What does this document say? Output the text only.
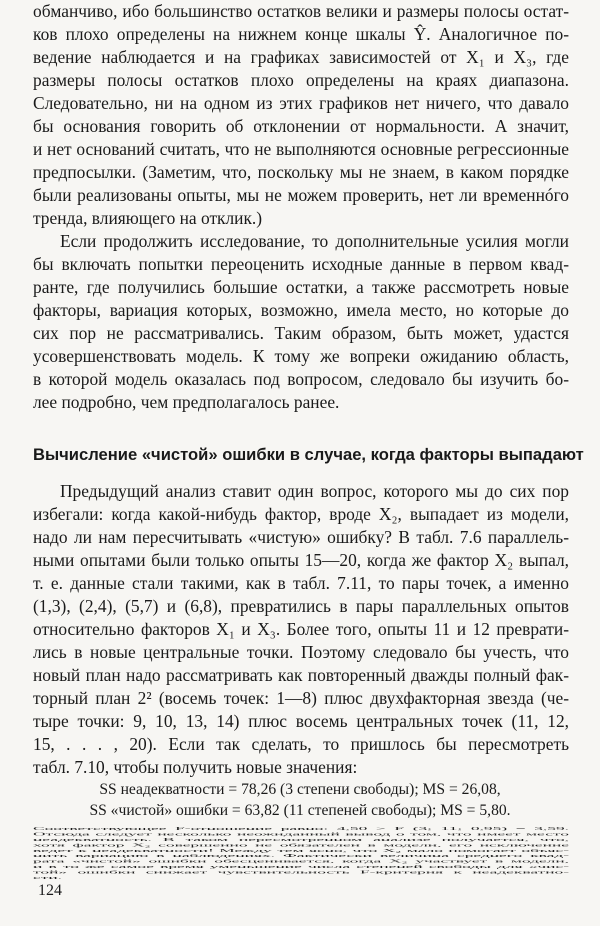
обманчиво, ибо большинство остатков велики и размеры полосы остат-
ков плохо определены на нижнем конце шкалы Ŷ. Аналогичное по-
ведение наблюдается и на графиках зависимостей от X₁ и X₃, где
размеры полосы остатков плохо определены на краях диапазона.
Следовательно, ни на одном из этих графиков нет ничего, что давало
бы основания говорить об отклонении от нормальности. А значит,
и нет оснований считать, что не выполняются основные регрессионные
предпосылки. (Заметим, что, поскольку мы не знаем, в каком порядке
были реализованы опыты, мы не можем проверить, нет ли временнóго
тренда, влияющего на отклик.)
Если продолжить исследование, то дополнительные усилия могли
бы включать попытки переоценить исходные данные в первом квад-
ранте, где получились большие остатки, а также рассмотреть новые
факторы, вариация которых, возможно, имела место, но которые до
сих пор не рассматривались. Таким образом, быть может, удастся
усовершенствовать модель. К тому же вопреки ожиданию область,
в которой модель оказалась под вопросом, следовало бы изучить бо-
лее подробно, чем предполагалось ранее.
Вычисление «чистой» ошибки в случае, когда факторы выпадают
Предыдущий анализ ставит один вопрос, которого мы до сих пор
избегали: когда какой-нибудь фактор, вроде X₂, выпадает из модели,
надо ли нам пересчитывать «чистую» ошибку? В табл. 7.6 параллель-
ными опытами были только опыты 15—20, когда же фактор X₂ выпал,
т. е. данные стали такими, как в табл. 7.11, то пары точек, а именно
(1,3), (2,4), (5,7) и (6,8), превратились в пары параллельных опытов
относительно факторов X₁ и X₃. Более того, опыты 11 и 12 преврати-
лись в новые центральные точки. Поэтому следовало бы учесть, что
новый план надо рассматривать как повторенный дважды полный фак-
торный план 2² (восемь точек: 1—8) плюс двухфакторная звезда (че-
тыре точки: 9, 10, 13, 14) плюс восемь центральных точек (11, 12,
15, . . . , 20). Если так сделать, то пришлось бы пересмотреть
табл. 7.10, чтобы получить новые значения:
SS неадекватности = 78,26 (3 степени свободы); MS = 26,08,
SS «чистой» ошибки = 63,82 (11 степеней свободы); MS = 5,80.
124
Соответствующее F-отношение равно: 4,50 > F (3; 11; 0,95) = 3,59.
Отсюда следует несколько неожиданный вывод о том, что имеет место
неадекватность. В таком пересмотренном анализе получается, что,
хотя фактор X₂ совершенно не обязателен в модели, его исключение
ведет к неадекватности! Между тем ясно, что X₂ мало помогает объяс-
нить вариацию в наблюдениях. Фактически величина среднего квад-
рата «чистой» ошибки обесценивается, когда X₂ участвует в модели,
и в то же самое время уменьшение числа степеней свободы для «чис-
той» ошибки снижает чувствительность F-критерия к неадекватно-
сти.
